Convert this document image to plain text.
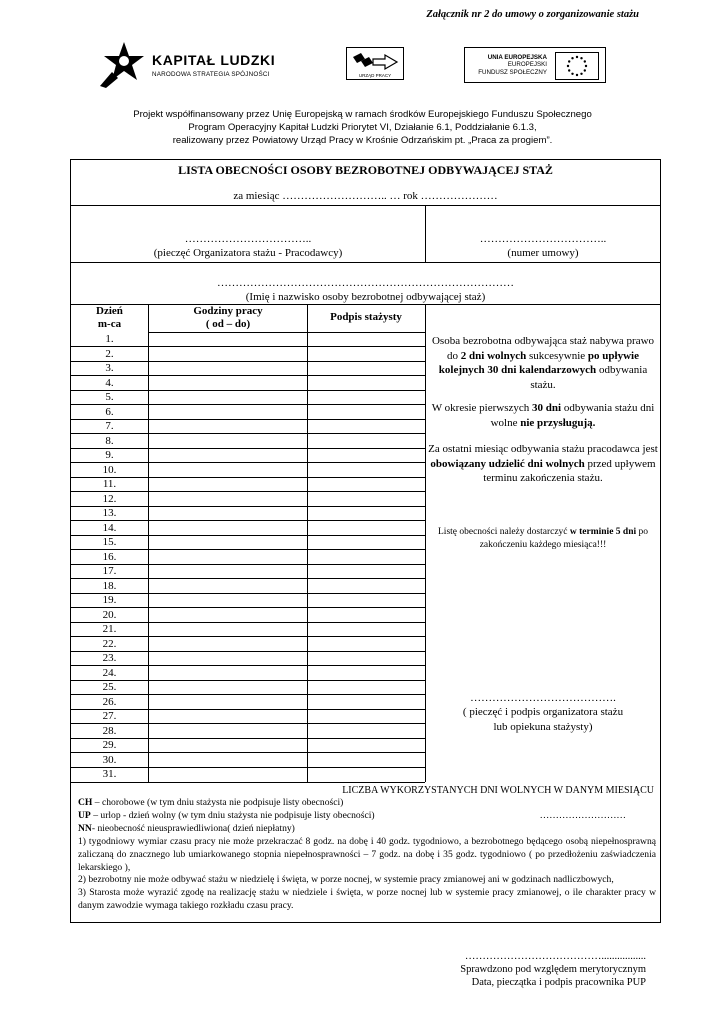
Załącznik nr 2 do umowy o zorganizowanie stażu
KAPITAŁ LUDZKI
NARODOWA STRATEGIA SPÓJNOŚCI	URZĄD PRACY
UNIA EUROPEJSKA
EUROPEJSKI
FUNDUSZ SPOŁECZNY
Projekt współfinansowany przez Unię Europejską w ramach środków Europejskiego Funduszu Społecznego
Program Operacyjny Kapitał Ludzki Priorytet VI, Działanie 6.1, Poddziałanie 6.1.3,
realizowany przez Powiatowy Urząd Pracy w Krośnie Odrzańskim pt. „Praca za progiem”.
LISTA OBECNOŚCI OSOBY BEZROBOTNEJ ODBYWAJĄCEJ STAŻ
za miesiąc ……………………….. … rok …………………
……………………………..
(pieczęć Organizatora stażu - Pracodawcy)
……………………………..
(numer umowy)
………………………………………………………………………
(Imię i nazwisko osoby bezrobotnej odbywającej staż)
Dzień
m-ca
Godziny pracy
( od – do)
Podpis stażysty
1.
2.
3.
4.
5.
6.
7.
8.
9.
10.
11.
12.
13.
14.
15.
16.
17.
18.
19.
20.
21.
22.
23.
24.
25.
26.
27.
28.
29.
30.
31.
Osoba bezrobotna odbywająca staż nabywa prawo do 2 dni wolnych sukcesywnie po upływie kolejnych 30 dni kalendarzowych odbywania stażu.
W okresie pierwszych 30 dni odbywania stażu dni wolne nie przysługują.
Za ostatni miesiąc odbywania stażu pracodawca jest obowiązany udzielić dni wolnych przed upływem terminu zakończenia stażu.
Listę obecności należy dostarczyć w terminie 5 dni po zakończeniu każdego miesiąca!!!
………………………………….
( pieczęć i podpis organizatora stażu
lub opiekuna stażysty)
LICZBA WYKORZYSTANYCH DNI WOLNYCH W DANYM MIESIĄCU

CH – chorobowe (w tym dniu stażysta nie podpisuje listy obecności)

UP – urlop - dzień wolny (w tym dniu stażysta nie podpisuje listy obecności)	………………………

NN- nieobecność nieusprawiedliwiona( dzień niepłatny)

1) tygodniowy wymiar czasu pracy nie może przekraczać 8 godz. na dobę i 40 godz. tygodniowo, a bezrobotnego będącego osobą niepełnosprawną zaliczaną do znacznego lub umiarkowanego stopnia niepełnosprawności – 7 godz. na dobę i 35 godz. tygodniowo ( po przedłożeniu zaświadczenia lekarskiego ),

2) bezrobotny nie może odbywać stażu w niedzielę i święta, w porze nocnej, w systemie pracy zmianowej ani w godzinach nadliczbowych,

3) Starosta może wyrazić zgodę na realizację stażu w niedziele i święta, w porze nocnej lub w systemie pracy zmianowej, o ile charakter pracy w danym zawodzie wymaga takiego rozkładu czasu pracy.

………………………………….................
Sprawdzono pod względem merytorycznym
Data, pieczątka i podpis pracownika PUP
